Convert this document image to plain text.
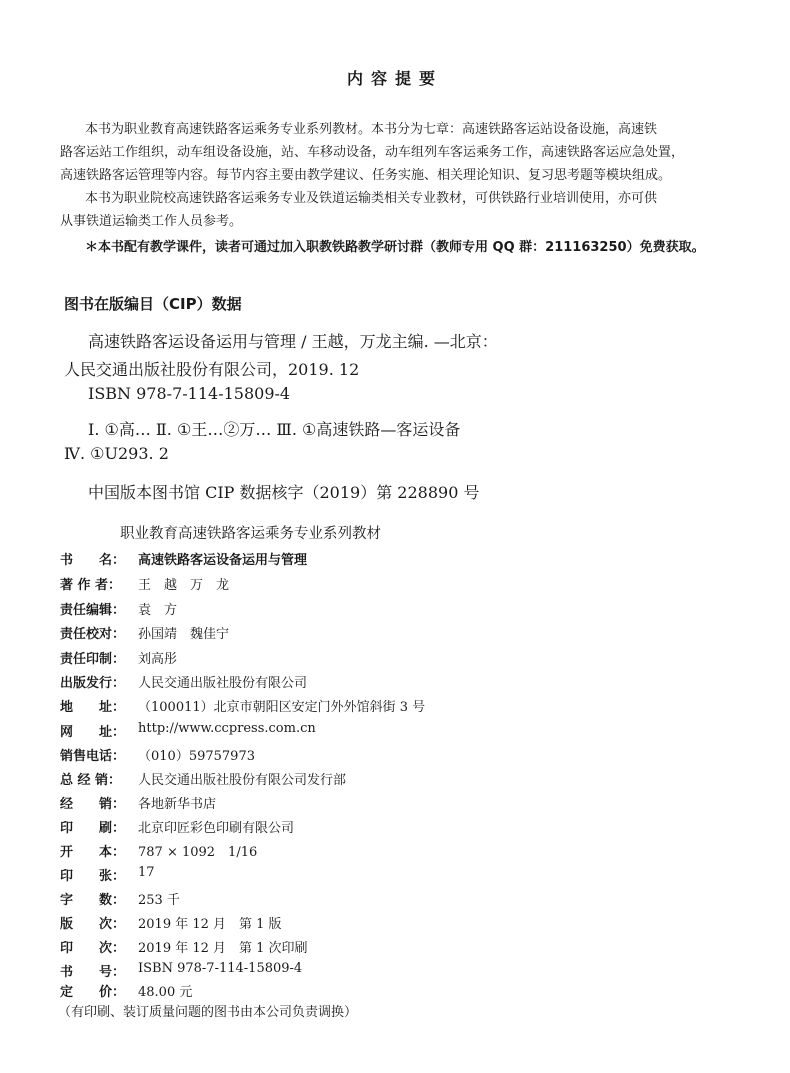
内容提要
本书为职业教育高速铁路客运乘务专业系列教材。本书分为七章：高速铁路客运站设备设施，高速铁
路客运站工作组织，动车组设备设施，站、车移动设备，动车组列车客运乘务工作，高速铁路客运应急处置，
高速铁路客运管理等内容。每节内容主要由教学建议、任务实施、相关理论知识、复习思考题等模块组成。
本书为职业院校高速铁路客运乘务专业及铁道运输类相关专业教材，可供铁路行业培训使用，亦可供
从事铁道运输类工作人员参考。
＊本书配有教学课件，读者可通过加入职教铁路教学研讨群（教师专用 QQ 群：211163250）免费获取。
图书在版编目（CIP）数据
高速铁路客运设备运用与管理 / 王越，万龙主编. —北京：
人民交通出版社股份有限公司，2019. 12
ISBN 978-7-114-15809-4
Ⅰ. ①高… Ⅱ. ①王…②万… Ⅲ. ①高速铁路—客运设备
Ⅳ. ①U293. 2
中国版本图书馆 CIP 数据核字（2019）第 228890 号
职业教育高速铁路客运乘务专业系列教材
书　　名： 高速铁路客运设备运用与管理
著 作 者：	王　越　万　龙
责任编辑： 袁　方
责任校对： 孙国靖　魏佳宁
责任印制： 刘高彤
出版发行： 人民交通出版社股份有限公司
地　　址： （100011）北京市朝阳区安定门外外馆斜街 3 号
网　　址： http://www.ccpress.com.cn
销售电话： （010）59757973
总 经 销：	人民交通出版社股份有限公司发行部
经　　销： 各地新华书店
印　　刷： 北京印匠彩色印刷有限公司
开　　本： 787 × 1092　1/16
印　　张： 17
字　　数： 253 千
版　　次： 2019 年 12 月　第 1 版
印　　次： 2019 年 12 月　第 1 次印刷
书　　号： ISBN 978-7-114-15809-4
定　　价： 48.00 元
（有印刷、装订质量问题的图书由本公司负责调换）
